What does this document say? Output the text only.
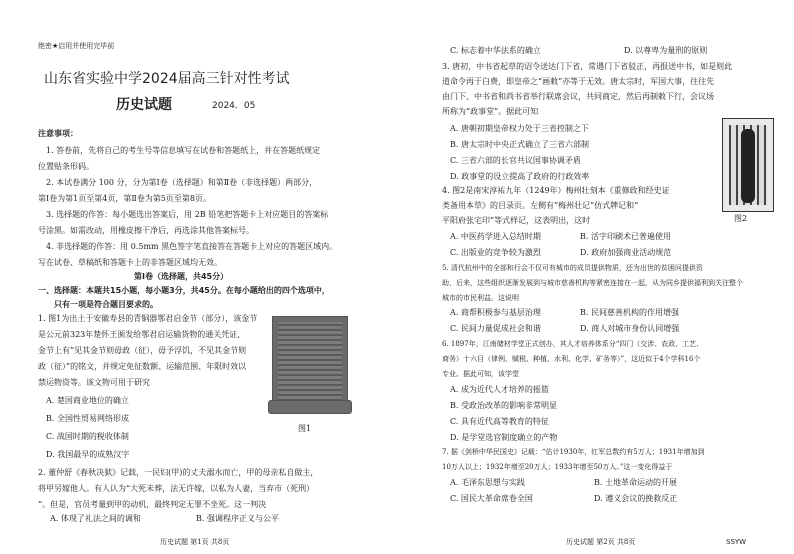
绝密★启用并使用完毕前
山东省实验中学2024届高三针对性考试
历史试题	2024．05
注意事项：
1. 答卷前，先将自己的考生号等信息填写在试卷和答题纸上，并在答题纸规定
位置贴条形码。
2. 本试卷满分 100 分，分为第Ⅰ卷（选择题）和第Ⅱ卷（非选择题）两部分，
第Ⅰ卷为第1页至第4页，第Ⅱ卷为第5页至第8页。
3. 选择题的作答：每小题选出答案后，用 2B 铅笔把答题卡上对应题目的答案标
号涂黑。如需改动，用橡皮擦干净后，再选涂其他答案标号。
4. 非选择题的作答：用 0.5mm 黑色签字笔直接答在答题卡上对应的答题区域内。
写在试卷、草稿纸和答题卡上的非答题区域均无效。
第Ⅰ卷（选择题，共45分）
一、选择题：本题共15小题，每小题3分，共45分。在每小题给出的四个选项中，
只有一项是符合题目要求的。
1. 图1为出土于安徽寿县的青铜器鄂君启金节（部分），该金节
是公元前323年楚怀王颁发给鄂君启运输货物的通关凭证，
金节上有“见其金节则毋政（征），毋予浮饥，不见其金节则
政（征）”的铭文，并规定免征数额、运输范围、年限时效以
禁运物资等。该文物可用于研究
A. 楚国商业地位的确立
B. 全国性贸易网络形成
C. 战国时期的税收体制
D. 我国最早的成熟汉字
图1
2. 董仲舒《春秋决狱》记载，一民妇(甲)的丈夫溺水而亡，甲的母亲私自做主，
将甲另嫁他人。有人认为“大死未葬，法无许嫁，以私为人妻，当弃市（死刑）
”。但是，官员考量到甲的动机，最终判定无罪不坐死。这一判决
A. 体现了礼法之间的调和	B. 强调程序正义与公平
历史试题 第1页 共8页
C. 标志着中华法系的确立	D. 以尊卑为量刑的原则
3. 唐初，中书省起草的诏令送达门下省，常遇门下省驳正，再报送中书，如是则此
道命令再于白费，即皇帝之“画敕”亦等于无效。唐太宗时，军国大事，往往先
由门下、中书省和尚书省举行联席会议，共同商定，然后再制敕下行，会议场
所称为“政事堂”。据此可知
A. 唐朝初期皇帝权力处于三省控制之下
B. 唐太宗时中央正式确立了三省六部制
C. 三省六部的长官共议国事协调矛盾
D. 政事堂的设立提高了政府的行政效率
图2
4. 图2是南宋淳祐九年（1249年）梅州壮刻本《重修政和经史证
类备用本草》的目录页。左侧有“梅州壮记”仿式牌记和“
平阳府张宅印”等式样记，这表明出，这时
A. 中医药学进入总结时期	B. 活字印刷术已普遍使用
C. 出版业的竞争较为激烈	D. 政府加强商业活动规范
5. 清代杭州中的全部和行会不仅可有城市的成员提供物质，还为出世的贫困问提供资
助，后来，这些组织逐渐发展到与城市慈善机构等紧密连接在一起，从为同乡提供福利到关注整个
城市的市民利益。这说明
A. 商帮积极参与基层治理	B. 民间慈善机构的作用增强
C. 民间力量促成社会和谐	D. 商人对城市身份认同增强
6. 1897年，江南储材学堂正式创办，其人才培养体系分“四门（交涉、农政、工艺、
商务）十六目（律例、赋税、种植、水利、化学、矿务等）”，这近似于4个学科16个
专业。据此可知，该学堂
A. 成为近代人才培养的摇篮
B. 受政治改革的影响非常明显
C. 具有近代高等教育的特征
D. 是学堂选官制度确立的产物
7. 据《剑桥中华民国史》记载：“估计1930年，红军总数约有5万人；1931年增加到
10万人以上；1932年增至20万人；1933年增至50万人。”这一变化得益于
A. 毛泽东思想与实践	B. 土地革命运动的开展
C. 国民大革命席卷全国	D. 遵义会议的挽救反正
历史试题 第2页 共8页	SSYW
